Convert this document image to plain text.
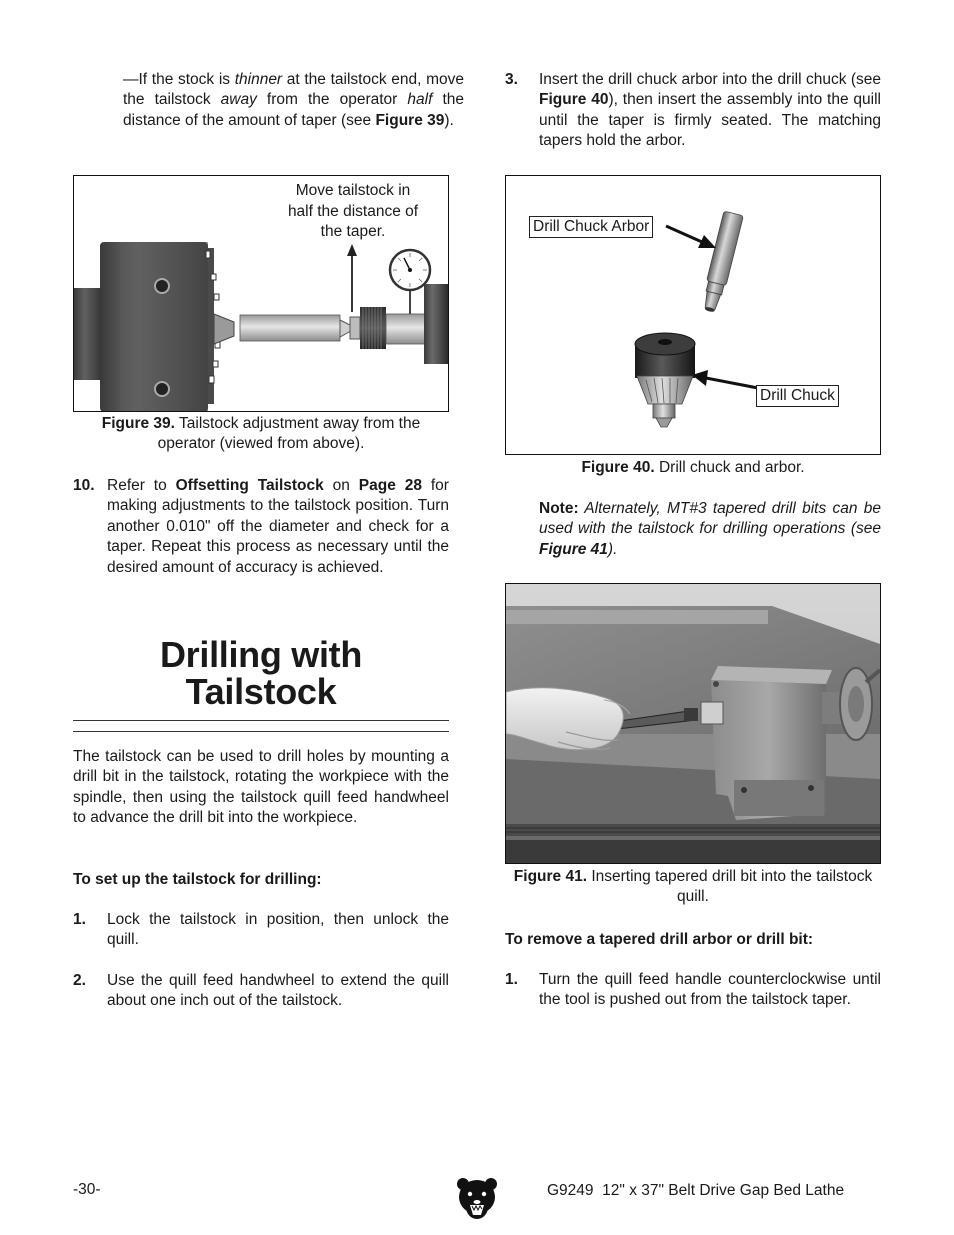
—If the stock is thinner at the tailstock end, move the tailstock away from the operator half the distance of the amount of taper (see Figure 39).
Move tailstock in half the distance of the taper.
Figure 39. Tailstock adjustment away from the operator (viewed from above).
10. Refer to Offsetting Tailstock on Page 28 for making adjustments to the tailstock position. Turn another 0.010" off the diameter and check for a taper. Repeat this process as necessary until the desired amount of accuracy is achieved.

Drilling with
Tailstock

The tailstock can be used to drill holes by mounting a drill bit in the tailstock, rotating the workpiece with the spindle, then using the tailstock quill feed handwheel to advance the drill bit into the workpiece.

To set up the tailstock for drilling:
1. Lock the tailstock in position, then unlock the quill.

2. Use the quill feed handwheel to extend the quill about one inch out of the tailstock.

3. Insert the drill chuck arbor into the drill chuck (see Figure 40), then insert the assembly into the quill until the taper is firmly seated. The matching tapers hold the arbor.

Drill Chuck Arbor
Drill Chuck
Figure 40. Drill chuck and arbor.

Note: Alternately, MT#3 tapered drill bits can be used with the tailstock for drilling operations (see Figure 41).

Figure 41. Inserting tapered drill bit into the tailstock quill.
To remove a tapered drill arbor or drill bit:
1. Turn the quill feed handle counterclockwise until the tool is pushed out from the tailstock taper.

-30-	G9249  12" x 37" Belt Drive Gap Bed Lathe
